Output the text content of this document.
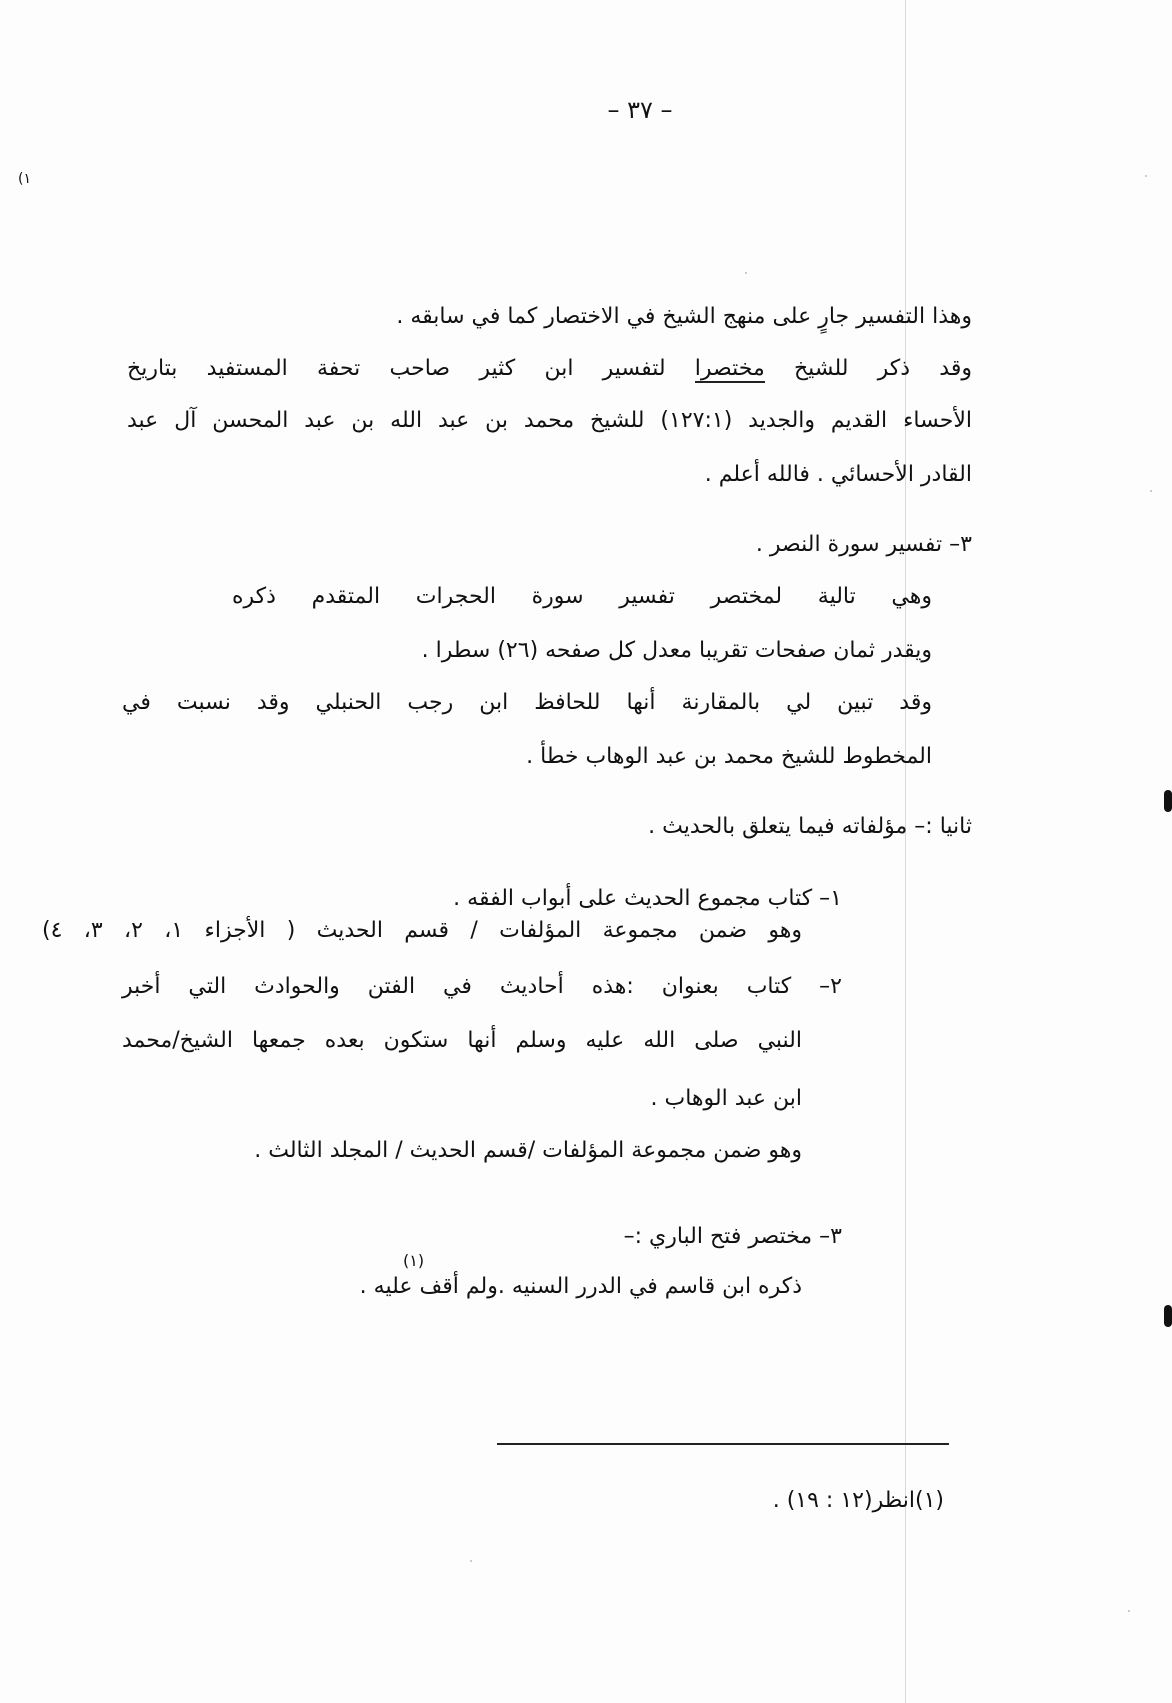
– ٣٧ –
(١
وهذا التفسير جارٍ على منهج الشيخ في الاختصار كما في سابقه .
وقد ذكر للشيخ مختصرا لتفسير ابن كثير صاحب تحفة المستفيد بتاريخ
الأحساء القديم والجديد (١٢٧:١) للشيخ محمد بن عبد الله بن عبد المحسن آل عبد
القادر الأحسائي . فالله أعلم .
٣– تفسير سورة النصر .
وهي تالية لمختصر تفسير سورة الحجرات المتقدم ذكره
ويقدر ثمان صفحات تقريبا معدل كل صفحه (٢٦) سطرا .
وقد تبين لي بالمقارنة أنها للحافظ ابن رجب الحنبلي وقد نسبت في
المخطوط للشيخ محمد بن عبد الوهاب خطأ .
ثانيا :– مؤلفاته فيما يتعلق بالحديث .
١– كتاب مجموع الحديث على أبواب الفقه .
وهو ضمن مجموعة المؤلفات / قسم الحديث ( الأجزاء ١، ٢، ٣، ٤)
٢– كتاب بعنوان :هذه أحاديث في الفتن والحوادث التي أخبر
النبي صلى الله عليه وسلم أنها ستكون بعده جمعها الشيخ/محمد
ابن عبد الوهاب .
وهو ضمن مجموعة المؤلفات /قسم الحديث / المجلد الثالث .
٣– مختصر فتح الباري :–
(١)
ذكره ابن قاسم في الدرر السنيه .ولم أقف عليه .
(١)انظر(١٢ : ١٩) .
